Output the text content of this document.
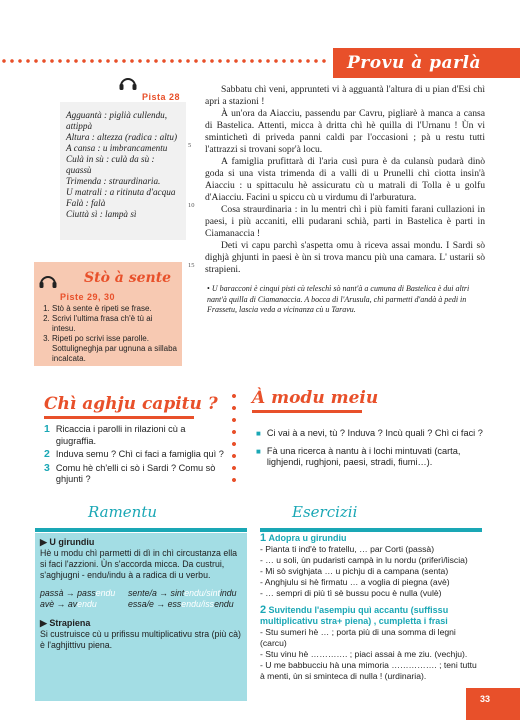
Provu à parlà
Pista 28
Agguantà : piglià cullendu, attippà
Altura : altezza (radica : altu)
A cansa : u imbrancamentu
Culà in sù : culà da sù : quassù
Trimenda : straurdinaria.
U matrali : a ritinuta d'acqua
Falà : falà
Ciuttà sì : lampà sì

Sabbatu chì veni, apprunteti vi à agguantà l'altura di u pian d'Esi chì apri a stazioni !

À un'ora da Aiacciu, passendu par Cavru, pigliarè à manca a cansa di Bastelica. Attenti, micca à dritta chì hè quilla di l'Urnanu ! Ùn vi smintichetì di priveda panni caldi par l'occasioni ; pà u restu tutti l'attrazzi si trovani sopr'à locu.

A famiglia prufittarà di l'aria cusì pura è da culansù pudarà dinò goda si una vista trimenda di a valli di u Prunelli chì ciotta insin'à Aiacciu : u spittaculu hè assicuratu cù u matrali di Tolla è u golfu d'Aiacciu. Facini u spiccu cù u virdumu di l'arburatura.

Cosa straurdinaria : in lu mentri chì i più famiti farani cullazioni in paesi, i più accaniti, elli pudarani schià, parti in Bastelica è parti in Ciamanaccia !

Deti vi capu parchì s'aspetta omu à riceva assai mondu. I Sardi sò dighjà ghjunti in paesi è ùn si trova mancu più una camara. L' ustarii sò strapieni.

5
10
15
• U baracconi è cinqui pisti cù teleschì sò nant'à a cumuna di Bastelica è dui altri nant'à quilla di Ciamanaccia. A bocca di l'Arusula, chì parmetti d'andà à pedi in Frassetu, lascia veda a vicinanza cù u Taravu.
Stò à sente
Piste 29, 30
1. Stò à sente è ripeti se frase.
2. Scrivi l'ultima frasa ch'è tù ai intesu.
3. Ripeti po scrivi isse parolle. Sottuligneghja par ugnuna a sillaba incalcata.
Chì aghju capitu ?
1 Ricaccia i parolli in rilazioni cù a giugraffia.
2 Induva semu ? Chì ci faci a famiglia quì ?
3 Comu hè ch'elli ci sò i Sardi ? Comu sò ghjunti ?
À modu meiu
■ Ci vai à a nevi, tù ? Induva ? Incù quali ? Chì ci faci ?
■ Fà una ricerca à nantu à i lochi mintuvati (carta, lighjendi, rughjoni, paesi, stradi, fiumi…).
Ramentu
▶ U girundiu
Hè u modu chì parmetti di dì in chì circustanza ella si faci l'azzioni. Ùn s'accorda micca. Da custrui, s'aghjugni - endu/indu à a radica di u verbu.
passà → passendu	sente/a → sintendu/sintindu
avè → avendu	essa/e → essendu/issendu
▶ Strapiena
Si custruisce cù u prifissu multiplicativu stra (più cà) è l'aghjittivu piena.
Esercizii
1 Adopra u girundiu
- Pianta ti ind'è to fratellu, … par Corti (passà)
- … u soli, ùn pudaristi campà in lu nordu (priferì/liscia)
- Mi sò svighjata … u pichju di a campana (senta)
- Anghjulu si hè firmatu … a voglia di piegna (avè)
- … sempri di più tì sè bussu pocu è nulla (vulè)
2 Suvitendu l'asempiu quì accantu (suffissu multiplicativu stra+ piena) , cumpletta i frasi
- Stu sumeri hè … ; porta più di una somma di legni (carcu)
- Stu vinu hè …………. ; piaci assai à me ziu. (vechju).
- U me babbucciu hà una mimoria ……………. ; teni tuttu à menti, ùn si sminteca di nulla ! (urdinaria).
33
